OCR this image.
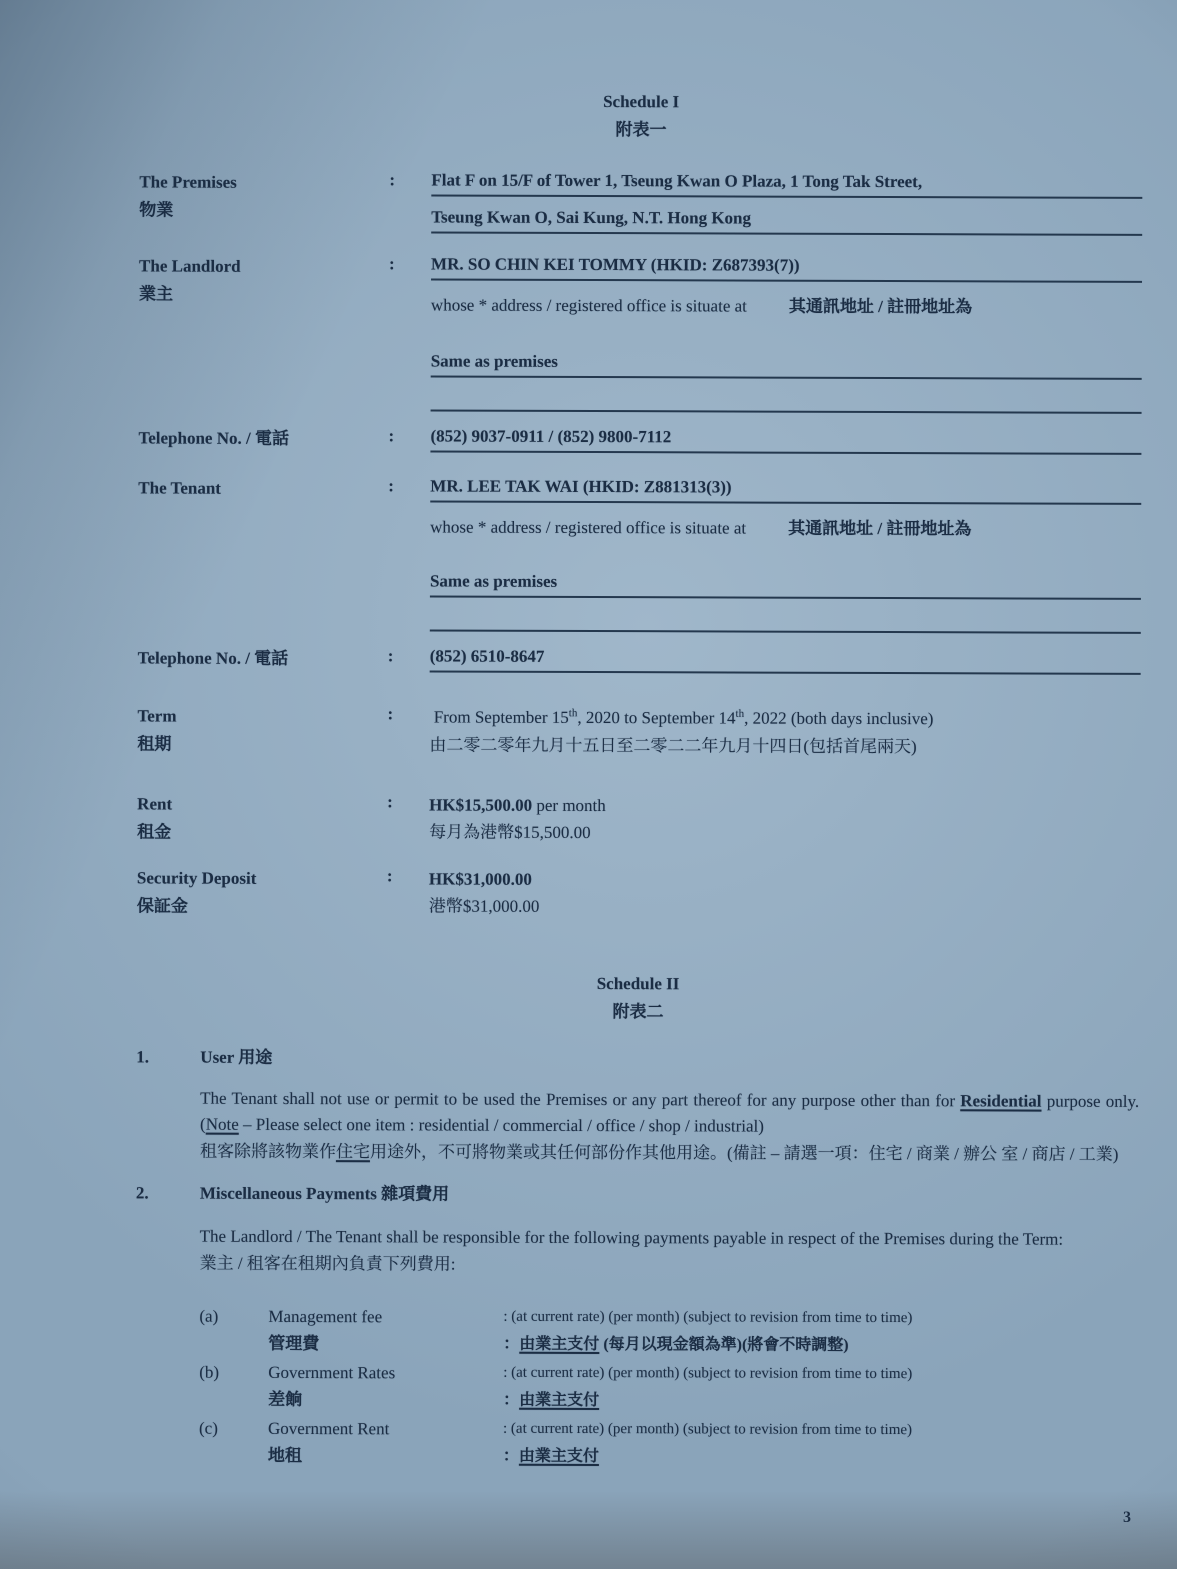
Schedule I
附表一
The Premises
物業
:	Flat F on 15/F of Tower 1, Tseung Kwan O Plaza, 1 Tong Tak Street,
Tseung Kwan O, Sai Kung, N.T. Hong Kong
The Landlord
業主
:	MR. SO CHIN KEI TOMMY (HKID: Z687393(7))
whose * address / registered office is situate at 其通訊地址 / 註冊地址為
Same as premises
Telephone No. / 電話	:	(852) 9037-0911 / (852) 9800-7112
The Tenant	:	MR. LEE TAK WAI (HKID: Z881313(3))
whose * address / registered office is situate at 其通訊地址 / 註冊地址為
Same as premises
Telephone No. / 電話	:	(852) 6510-8647
Term
租期
:	From September 15th, 2020 to September 14th, 2022 (both days inclusive)
由二零二零年九月十五日至二零二二年九月十四日(包括首尾兩天)
Rent
租金
:	HK$15,500.00 per month
每月為港幣$15,500.00
Security Deposit
保証金
:	HK$31,000.00
港幣$31,000.00
Schedule II
附表二
1.	User 用途
The Tenant shall not use or permit to be used the Premises or any part thereof for any purpose other than for Residential purpose only. (Note – Please select one item : residential / commercial / office / shop / industrial)
租客除將該物業作住宅用途外，不可將物業或其任何部份作其他用途。(備註 – 請選一項：住宅 / 商業 / 辦公 室 / 商店 / 工業)
2.	Miscellaneous Payments 雜項費用
The Landlord / The Tenant shall be responsible for the following payments payable in respect of the Premises during the Term:
業主 / 租客在租期內負責下列費用:
(a)	Management fee
管理費
: (at current rate) (per month) (subject to revision from time to time)
：由業主支付 (每月以現金額為準)(將會不時調整)
(b)	Government Rates
差餉
: (at current rate) (per month) (subject to revision from time to time)
：由業主支付
(c)	Government Rent
地租
: (at current rate) (per month) (subject to revision from time to time)
：由業主支付
3
